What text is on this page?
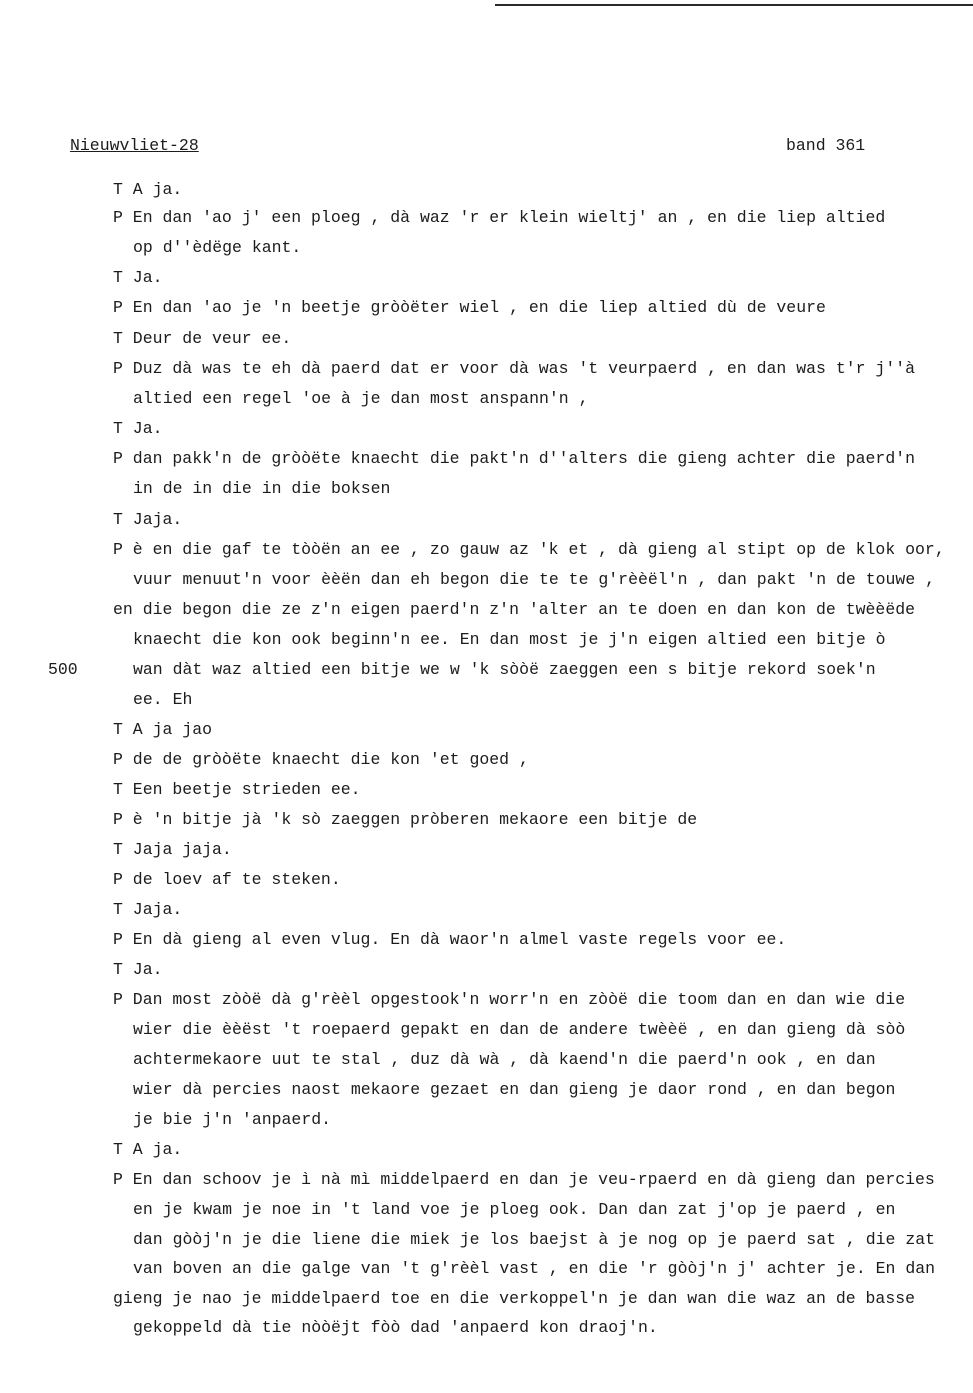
Nieuwvliet-28	band 361
500
T A ja.
P En dan 'ao j' een ploeg , dà waz 'r er klein wieltj' an , en die liep altied
op d''èdëge kant.
T Ja.
P En dan 'ao je 'n beetje gròòëter wiel , en die liep altied dù de veure
T Deur de veur ee.
P Duz dà was te eh dà paerd dat er voor dà was 't veurpaerd , en dan was t'r j''à
altied een regel 'oe à je dan most anspann'n ,
T Ja.
P dan pakk'n de gròòëte knaecht die pakt'n d''alters die gieng achter die paerd'n
in de in die in die boksen
T Jaja.
P è en die gaf te tòòën an ee , zo gauw az 'k et , dà gieng al stipt op de klok oor,
vuur menuut'n voor èèën dan eh begon die te te g'rèèël'n , dan pakt 'n de touwe ,
en die begon die ze z'n eigen paerd'n z'n 'alter an te doen en dan kon de twèèëde
knaecht die kon ook beginn'n ee. En dan most je j'n eigen altied een bitje ò
wan dàt waz altied een bitje we w 'k sòòë zaeggen een s bitje rekord soek'n
ee. Eh
T A ja jao
P de de gròòëte knaecht die kon 'et goed ,
T Een beetje strieden ee.
P è 'n bitje jà 'k sò zaeggen pròberen mekaore een bitje de
T Jaja jaja.
P de loev af te steken.
T Jaja.
P En dà gieng al even vlug. En dà waor'n almel vaste regels voor ee.
T Ja.
P Dan most zòòë dà g'rèèl opgestook'n worr'n en zòòë die toom dan en dan wie die
wier die èèëst 't roepaerd gepakt en dan de andere twèèë , en dan gieng dà sòò
achtermekaore uut te stal , duz dà wà , dà kaend'n die paerd'n ook , en dan
wier dà percies naost mekaore gezaet en dan gieng je daor rond , en dan begon
je bie j'n 'anpaerd.
T A ja.
P En dan schoov je ì nà mì middelpaerd en dan je veu-rpaerd en dà gieng dan percies
en je kwam je noe in 't land voe je ploeg ook. Dan dan zat j'op je paerd , en
dan gòòj'n je die liene die miek je los baejst à je nog op je paerd sat , die zat
van boven an die galge van 't g'rèèl vast , en die 'r gòòj'n j' achter je. En dan
gieng je nao je middelpaerd toe en die verkoppel'n je dan wan die waz an de basse
gekoppeld dà tie nòòëjt fòò dad 'anpaerd kon draoj'n.
